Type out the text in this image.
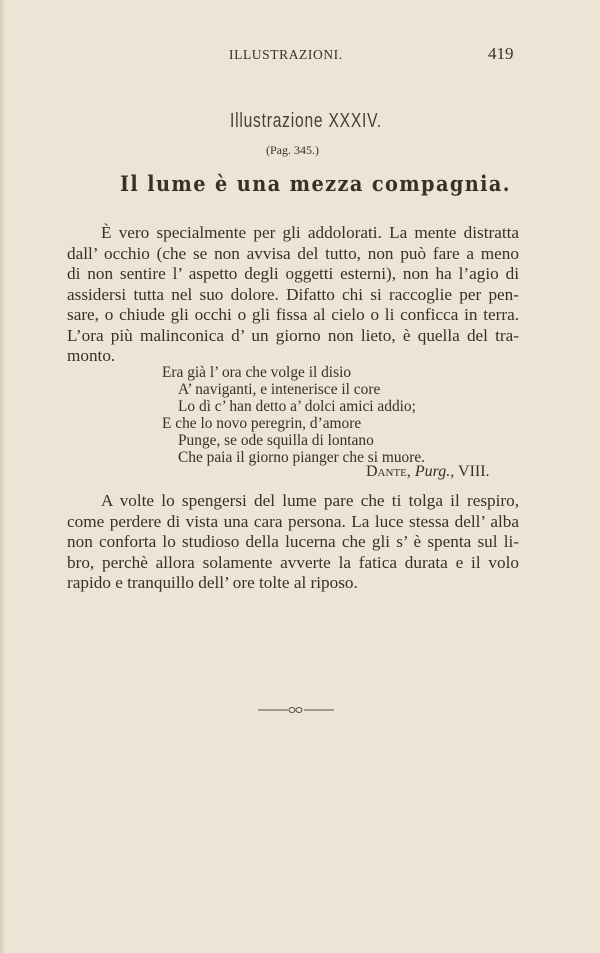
ILLUSTRAZIONI.	419
Illustrazione XXXIV.
(Pag. 345.)
Il lume è una mezza compagnia.
È vero specialmente per gli addolorati. La mente distratta
dall’ occhio (che se non avvisa del tutto, non può fare a meno
di non sentire l’ aspetto degli oggetti esterni), non ha l’agio di
assidersi tutta nel suo dolore. Difatto chi si raccoglie per pen-
sare, o chiude gli occhi o gli fissa al cielo o li conficca in terra.
L’ora più malinconica d’ un giorno non lieto, è quella del tra-
monto.
Era già l’ ora che volge il disio
A’ naviganti, e intenerisce il core
Lo dì c’ han detto a’ dolci amici addio;
E che lo novo peregrin, d’amore
Punge, se ode squilla di lontano
Che paia il giorno pianger che si muore.
Dante, Purg., VIII.
A volte lo spengersi del lume pare che ti tolga il respiro,
come perdere di vista una cara persona. La luce stessa dell’ alba
non conforta lo studioso della lucerna che gli s’ è spenta sul li-
bro, perchè allora solamente avverte la fatica durata e il volo
rapido e tranquillo dell’ ore tolte al riposo.
